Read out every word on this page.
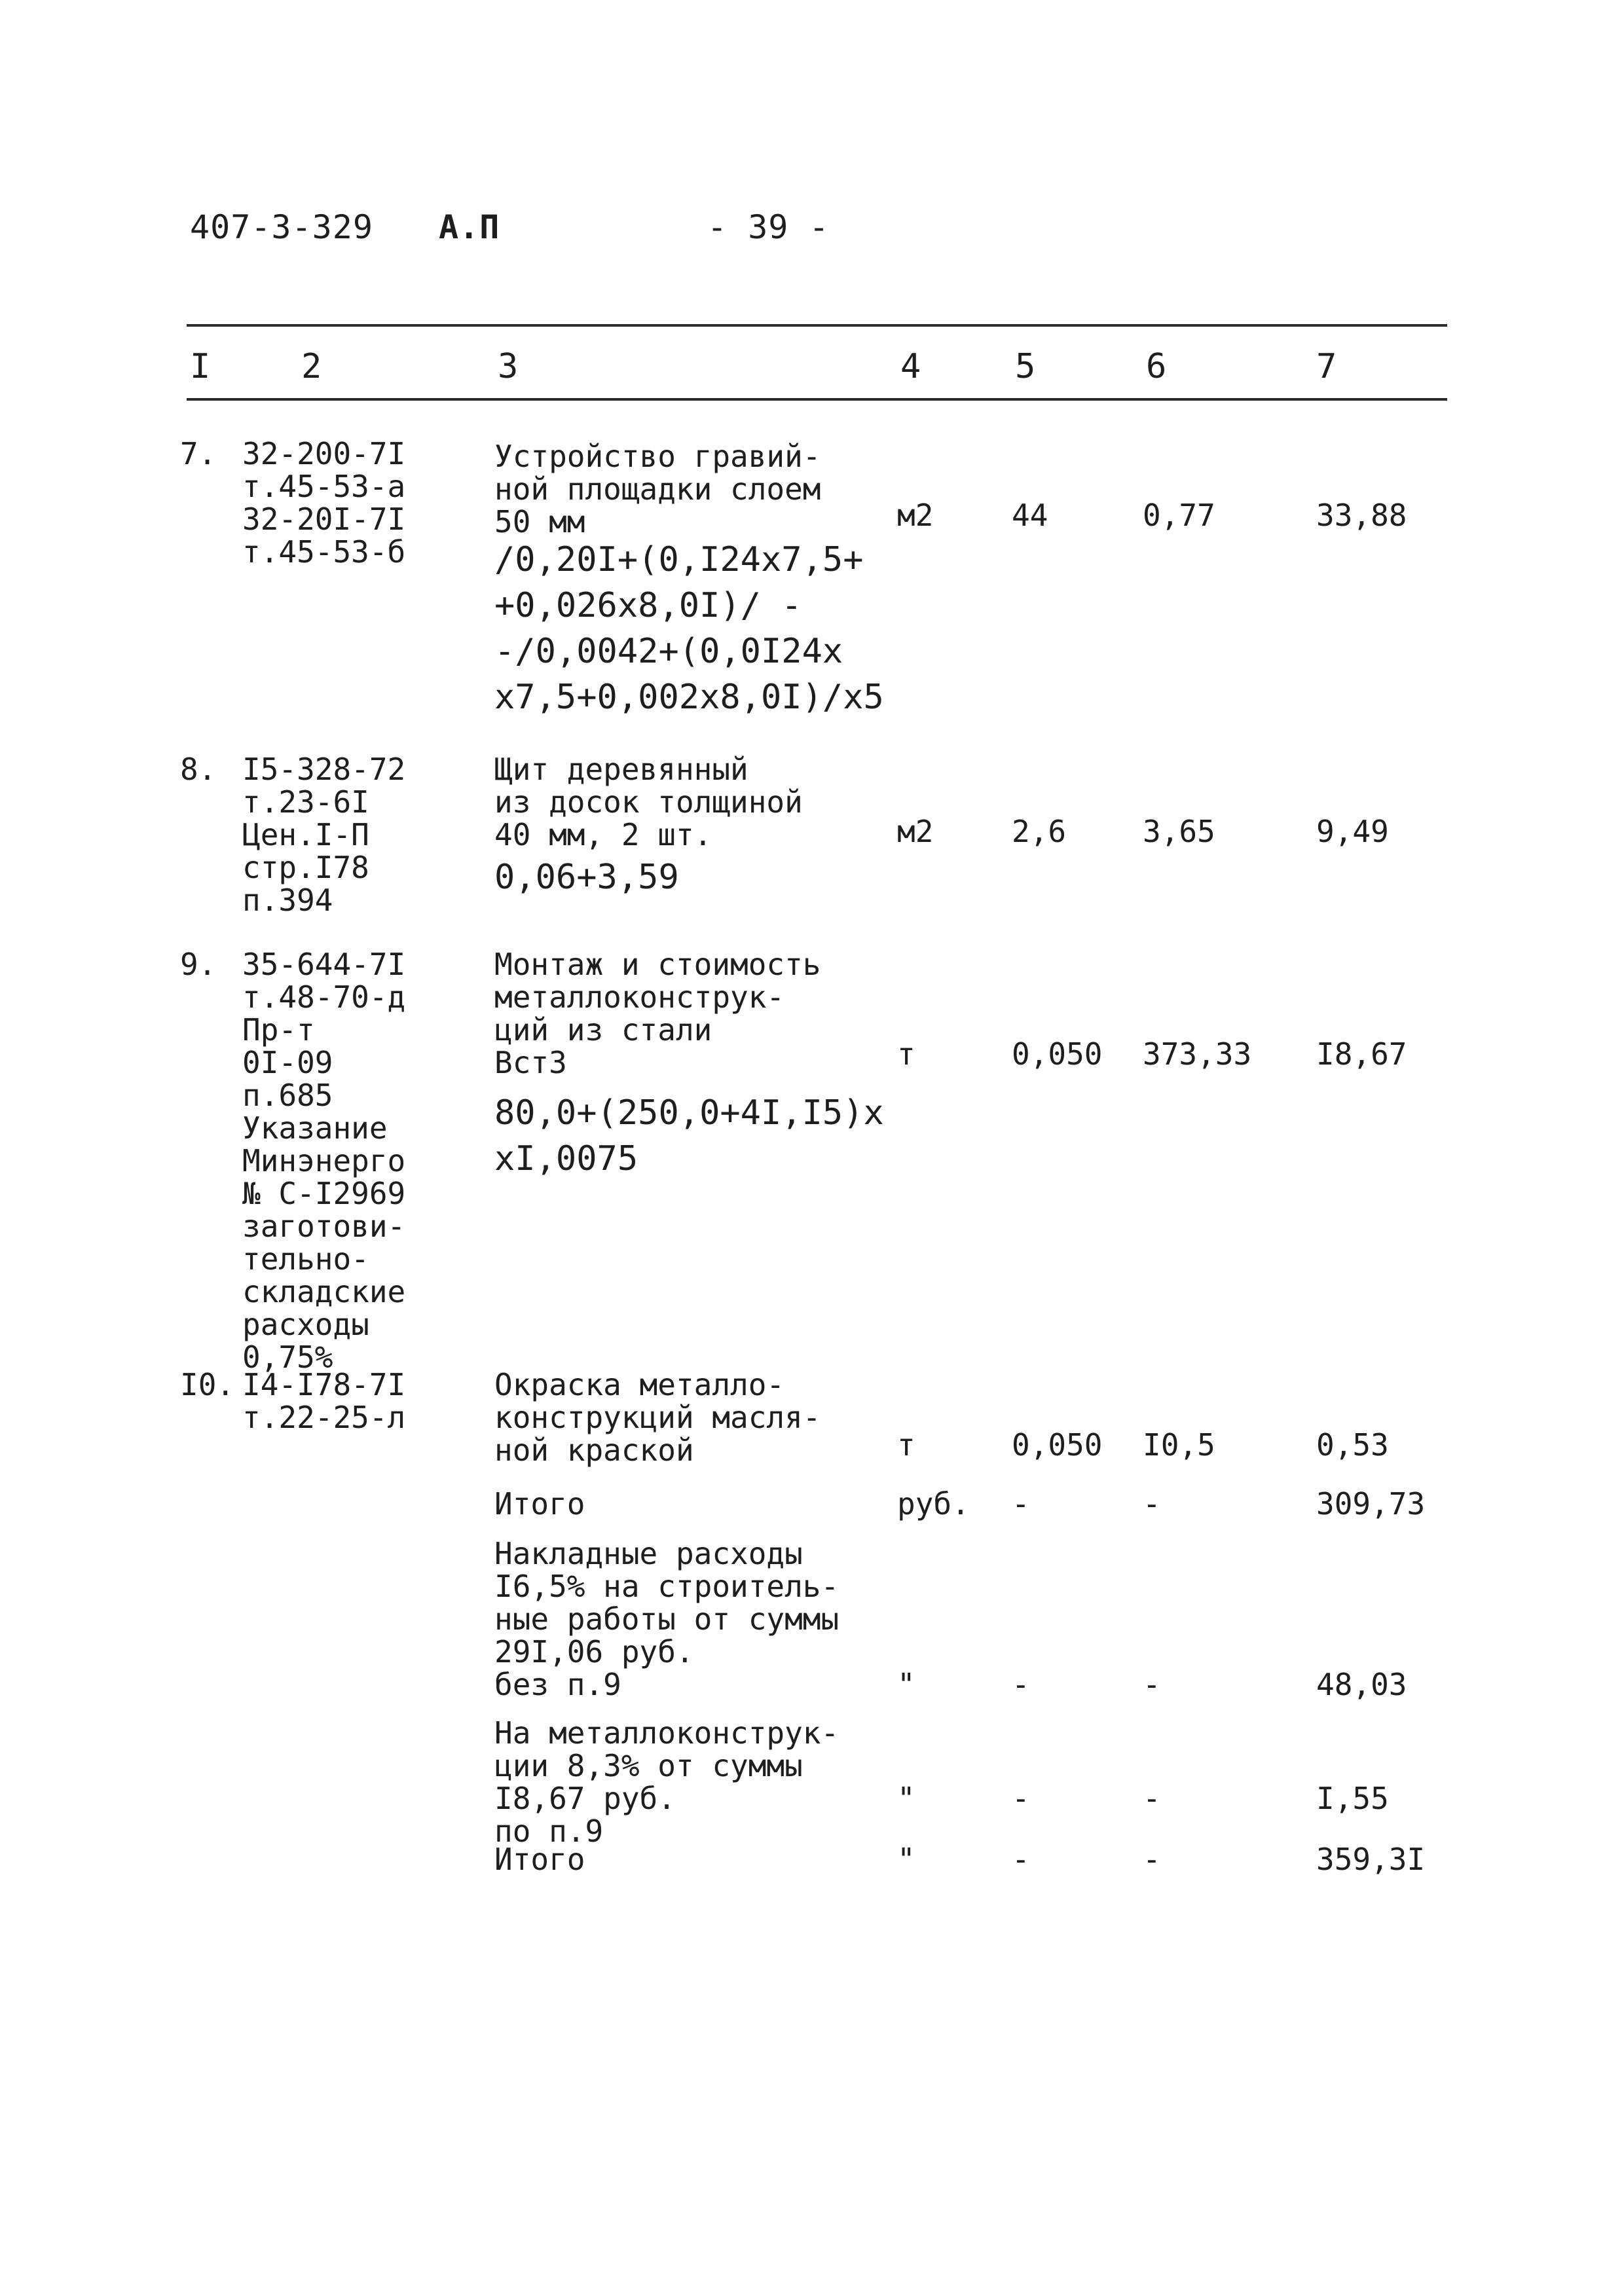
407-3-329 А.П	- 39 -
I	2	3	4	5	6	7
7. 32-200-7I
т.45-53-а
32-20I-7I
т.45-53-б
Устройство гравий-
ной площадки слоем
50 мм
/0,20I+(0,I24х7,5+
+0,026х8,0I)/ -
-/0,0042+(0,0I24х
х7,5+0,002х8,0I)/х5
м2	44	0,77	33,88
8. I5-328-72
т.23-6I
Цен.I-П
стр.I78
п.394
Щит деревянный
из досок толщиной
40 мм, 2 шт.
0,06+3,59
м2	2,6	3,65	9,49
9. 35-644-7I
т.48-70-д
Пр-т
0I-09
п.685
Указание
Минэнерго
№ С-I2969
заготови-
тельно-
складские
расходы
0,75%
Монтаж и стоимость
металлоконструк-
ций из стали
Вст3
80,0+(250,0+4I,I5)х
хI,0075
т	0,050 373,33 I8,67
I0. I4-I78-7I
т.22-25-л
Окраска металло-
конструкций масля-
ной краской	т	0,050 I0,5	0,53
Итого	руб. -	-	309,73
Накладные расходы
I6,5% на строитель-
ные работы от суммы
29I,06 руб.
без п.9	"	-	-	48,03
На металлоконструк-
ции 8,3% от суммы
I8,67 руб.
по п.9
"	-	-	I,55
Итого	"	-	-	359,3I
